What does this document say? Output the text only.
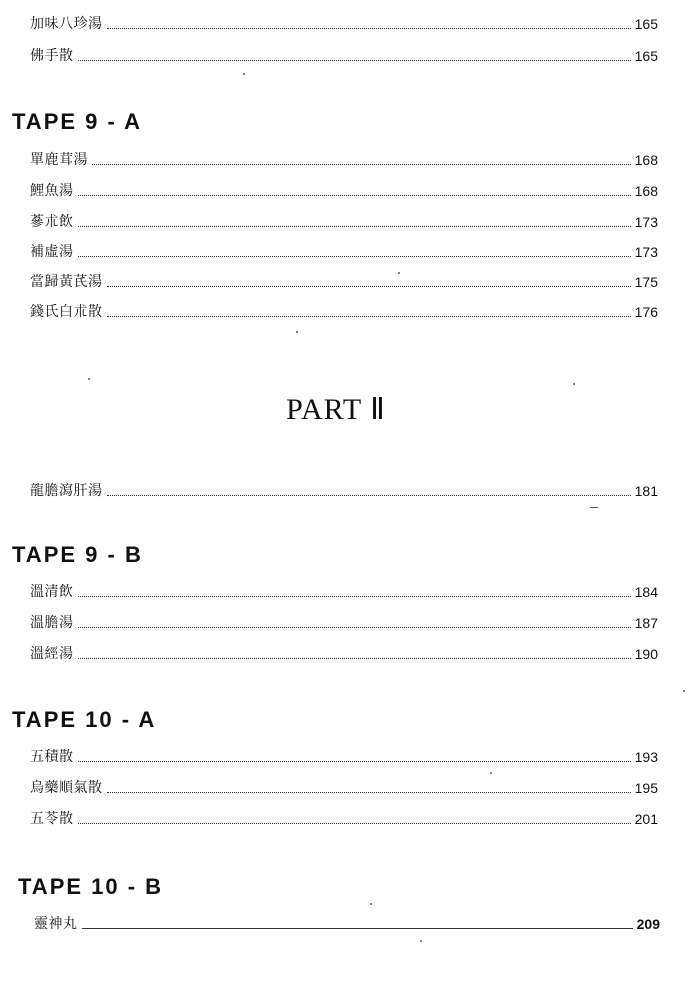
加味八珍湯	165
佛手散	165
TAPE 9 - A
單鹿茸湯	168
鯉魚湯	168
蔘朮飲	173
補虛湯	173
當歸黃芪湯	175
錢氏白朮散	176
PART Ⅱ
龍膽瀉肝湯	181
TAPE 9 - B
溫清飲	184
溫膽湯	187
溫經湯	190
TAPE 10 - A
五積散	193
烏藥順氣散	195
五苓散	201
TAPE 10 - B
靈神丸	209
